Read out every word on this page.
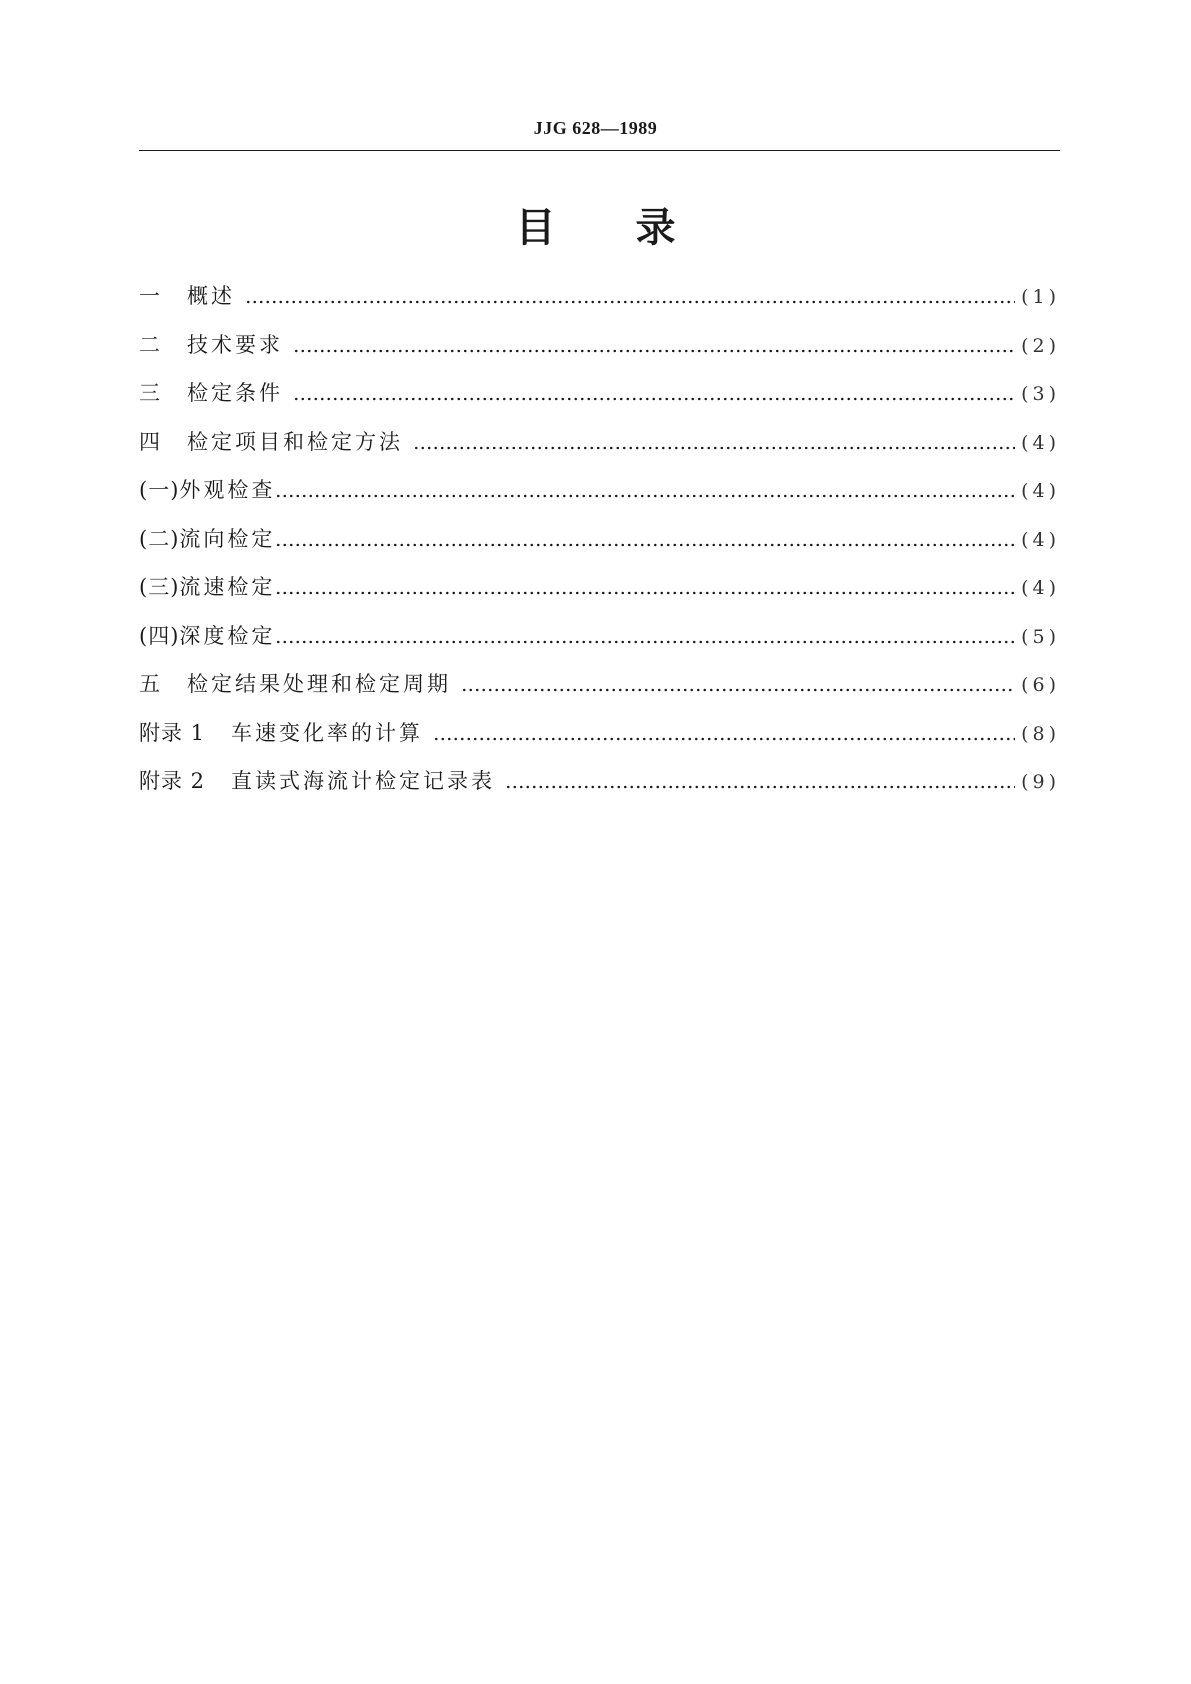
JJG 628—1989
目 录
一	概述	(1)
二	技术要求	(2)
三	检定条件	(3)
四	检定项目和检定方法	(4)
(一) 外观检查	(4)
(二) 流向检定	(4)
(三) 流速检定	(4)
(四) 深度检定	(5)
五	检定结果处理和检定周期	(6)
附录 1	车速变化率的计算	(8)
附录 2	直读式海流计检定记录表	(9)
